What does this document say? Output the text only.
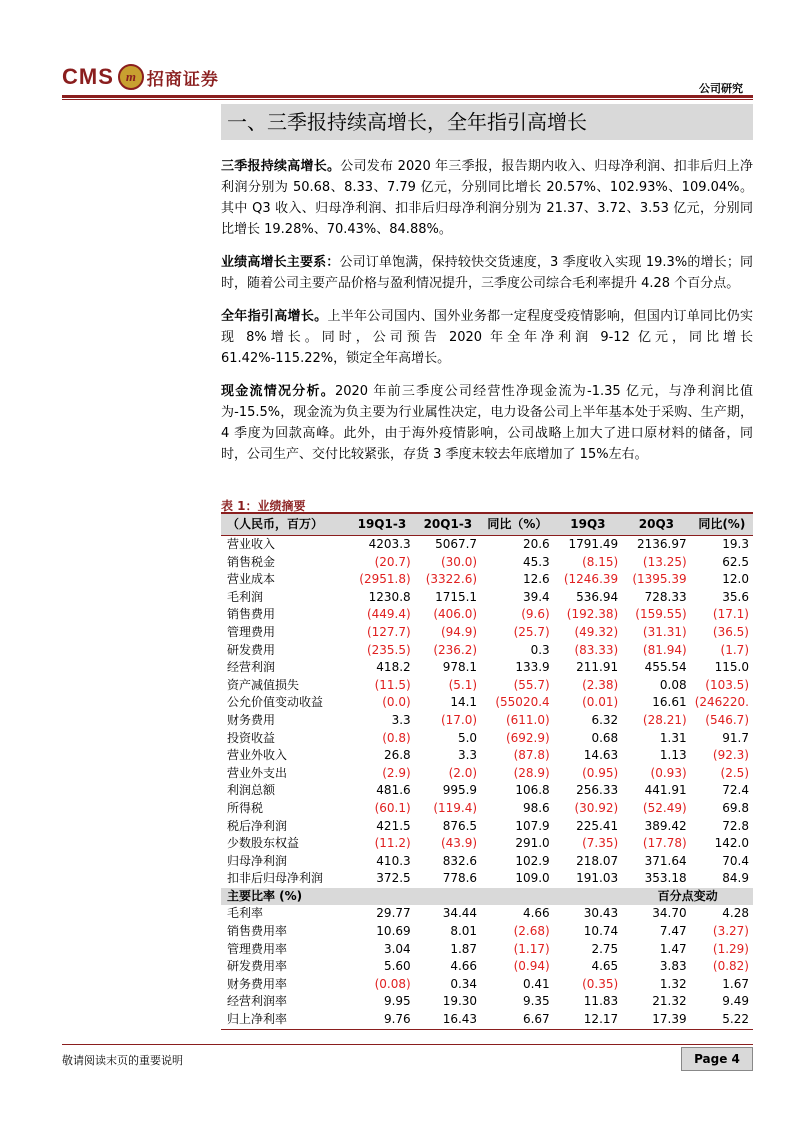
CMS m 招商证券	公司研究
一、三季报持续高增长，全年指引高增长

三季报持续高增长。公司发布 2020 年三季报，报告期内收入、归母净利润、扣非后归上净利润分别为 50.68、8.33、7.79 亿元，分别同比增长 20.57%、102.93%、109.04%。其中 Q3 收入、归母净利润、扣非后归母净利润分别为 21.37、3.72、3.53 亿元，分别同比增长 19.28%、70.43%、84.88%。

业绩高增长主要系：公司订单饱满，保持较快交货速度，3 季度收入实现 19.3%的增长；同时，随着公司主要产品价格与盈利情况提升，三季度公司综合毛利率提升 4.28 个百分点。

全年指引高增长。上半年公司国内、国外业务都一定程度受疫情影响，但国内订单同比仍实现 8%增长。同时，公司预告 2020 年全年净利润 9-12 亿元，同比增长 61.42%-115.22%，锁定全年高增长。

现金流情况分析。2020 年前三季度公司经营性净现金流为-1.35 亿元，与净利润比值为-15.5%，现金流为负主要为行业属性决定，电力设备公司上半年基本处于采购、生产期，4 季度为回款高峰。此外，由于海外疫情影响，公司战略上加大了进口原材料的储备，同时，公司生产、交付比较紧张，存货 3 季度末较去年底增加了 15%左右。

表 1：业绩摘要
（人民币，百万）	19Q1-3	20Q1-3	同比（%）	19Q3	20Q3	同比(%)
营业收入	4203.3	5067.7	20.6	1791.49	2136.97	19.3
销售税金	(20.7)	(30.0)	45.3	(8.15)	(13.25)	62.5
营业成本	(2951.8)	(3322.6)	12.6	(1246.39	(1395.39	12.0
毛利润	1230.8	1715.1	39.4	536.94	728.33	35.6
销售费用	(449.4)	(406.0)	(9.6)	(192.38)	(159.55)	(17.1)
管理费用	(127.7)	(94.9)	(25.7)	(49.32)	(31.31)	(36.5)
研发费用	(235.5)	(236.2)	0.3	(83.33)	(81.94)	(1.7)
经营利润	418.2	978.1	133.9	211.91	455.54	115.0
资产减值损失	(11.5)	(5.1)	(55.7)	(2.38)	0.08	(103.5)
公允价值变动收益	(0.0)	14.1	(55020.4	(0.01)	16.61	(246220.
财务费用	3.3	(17.0)	(611.0)	6.32	(28.21)	(546.7)
投资收益	(0.8)	5.0	(692.9)	0.68	1.31	91.7
营业外收入	26.8	3.3	(87.8)	14.63	1.13	(92.3)
营业外支出	(2.9)	(2.0)	(28.9)	(0.95)	(0.93)	(2.5)
利润总额	481.6	995.9	106.8	256.33	441.91	72.4
所得税	(60.1)	(119.4)	98.6	(30.92)	(52.49)	69.8
税后净利润	421.5	876.5	107.9	225.41	389.42	72.8
少数股东权益	(11.2)	(43.9)	291.0	(7.35)	(17.78)	142.0
归母净利润	410.3	832.6	102.9	218.07	371.64	70.4
扣非后归母净利润	372.5	778.6	109.0	191.03	353.18	84.9
主要比率 (%)					百分点变动	
毛利率	29.77	34.44	4.66	30.43	34.70	4.28
销售费用率	10.69	8.01	(2.68)	10.74	7.47	(3.27)
管理费用率	3.04	1.87	(1.17)	2.75	1.47	(1.29)
研发费用率	5.60	4.66	(0.94)	4.65	3.83	(0.82)
财务费用率	(0.08)	0.34	0.41	(0.35)	1.32	1.67
经营利润率	9.95	19.30	9.35	11.83	21.32	9.49
归上净利率	9.76	16.43	6.67	12.17	17.39	5.22
敬请阅读末页的重要说明	Page 4
